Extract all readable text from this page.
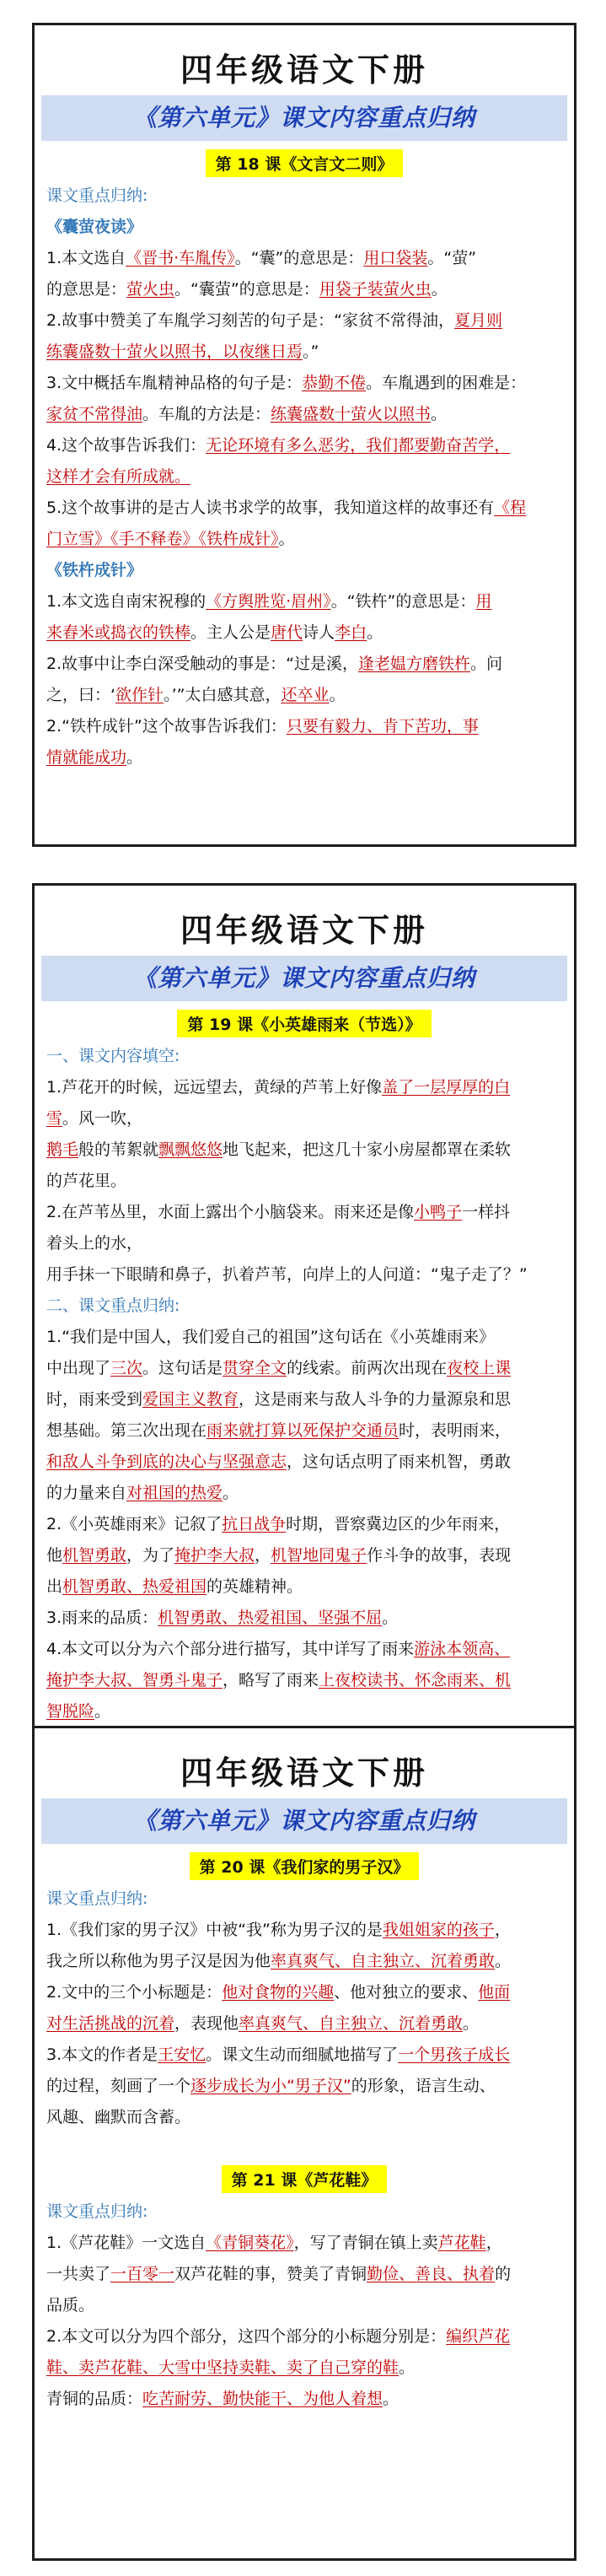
四年级语文下册
《第六单元》课文内容重点归纳
第 18 课《文言文二则》
课文重点归纳:
《囊萤夜读》
1.本文选自《晋书·车胤传》。“囊”的意思是：用口袋装。“萤”
的意思是：萤火虫。“囊萤”的意思是：用袋子装萤火虫。
2.故事中赞美了车胤学习刻苦的句子是：“家贫不常得油，夏月则
练囊盛数十萤火以照书，以夜继日焉。”
3.文中概括车胤精神品格的句子是：恭勤不倦。车胤遇到的困难是：
家贫不常得油。车胤的方法是：练囊盛数十萤火以照书。
4.这个故事告诉我们：无论环境有多么恶劣，我们都要勤奋苦学，
这样才会有所成就。
5.这个故事讲的是古人读书求学的故事，我知道这样的故事还有《程
门立雪》《手不释卷》《铁杵成针》。
《铁杵成针》
1.本文选自南宋祝穆的《方舆胜览·眉州》。“铁杵”的意思是：用
来舂米或捣衣的铁棒。主人公是唐代诗人李白。
2.故事中让李白深受触动的事是：“过是溪，逢老媪方磨铁杵。问
之，曰：‘欲作针。’”太白感其意，还卒业。
2.“铁杵成针”这个故事告诉我们：只要有毅力、肯下苦功，事
情就能成功。
四年级语文下册
《第六单元》课文内容重点归纳
第 19 课《小英雄雨来（节选）》
一、课文内容填空:
1.芦花开的时候，远远望去，黄绿的芦苇上好像盖了一层厚厚的白
雪。风一吹，
鹅毛般的苇絮就飘飘悠悠地飞起来，把这几十家小房屋都罩在柔软
的芦花里。
2.在芦苇丛里，水面上露出个小脑袋来。雨来还是像小鸭子一样抖
着头上的水，
用手抹一下眼睛和鼻子，扒着芦苇，向岸上的人问道：“鬼子走了？”
二、课文重点归纳:
1.“我们是中国人，我们爱自己的祖国”这句话在《小英雄雨来》
中出现了三次。这句话是贯穿全文的线索。前两次出现在夜校上课
时，雨来受到爱国主义教育，这是雨来与敌人斗争的力量源泉和思
想基础。第三次出现在雨来就打算以死保护交通员时，表明雨来，
和敌人斗争到底的决心与坚强意志，这句话点明了雨来机智，勇敢
的力量来自对祖国的热爱。
2.《小英雄雨来》记叙了抗日战争时期，晋察冀边区的少年雨来，
他机智勇敢，为了掩护李大叔，机智地同鬼子作斗争的故事，表现
出机智勇敢、热爱祖国的英雄精神。
3.雨来的品质：机智勇敢、热爱祖国、坚强不屈。
4.本文可以分为六个部分进行描写，其中详写了雨来游泳本领高、
掩护李大叔、智勇斗鬼子，略写了雨来上夜校读书、怀念雨来、机
智脱险。
四年级语文下册
《第六单元》课文内容重点归纳
第 20 课《我们家的男子汉》
课文重点归纳:
1.《我们家的男子汉》中被“我”称为男子汉的是我姐姐家的孩子，
我之所以称他为男子汉是因为他率真爽气、自主独立、沉着勇敢。
2.文中的三个小标题是：他对食物的兴趣、他对独立的要求、他面
对生活挑战的沉着，表现他率真爽气、自主独立、沉着勇敢。
3.本文的作者是王安忆。课文生动而细腻地描写了一个男孩子成长
的过程，刻画了一个逐步成长为小“男子汉”的形象，语言生动、
风趣、幽默而含蓄。
第 21 课《芦花鞋》
课文重点归纳:
1.《芦花鞋》一文选自《青铜葵花》，写了青铜在镇上卖芦花鞋，
一共卖了一百零一双芦花鞋的事，赞美了青铜勤俭、善良、执着的
品质。
2.本文可以分为四个部分，这四个部分的小标题分别是：编织芦花
鞋、卖芦花鞋、大雪中坚持卖鞋、卖了自己穿的鞋。
青铜的品质：吃苦耐劳、勤快能干、为他人着想。
